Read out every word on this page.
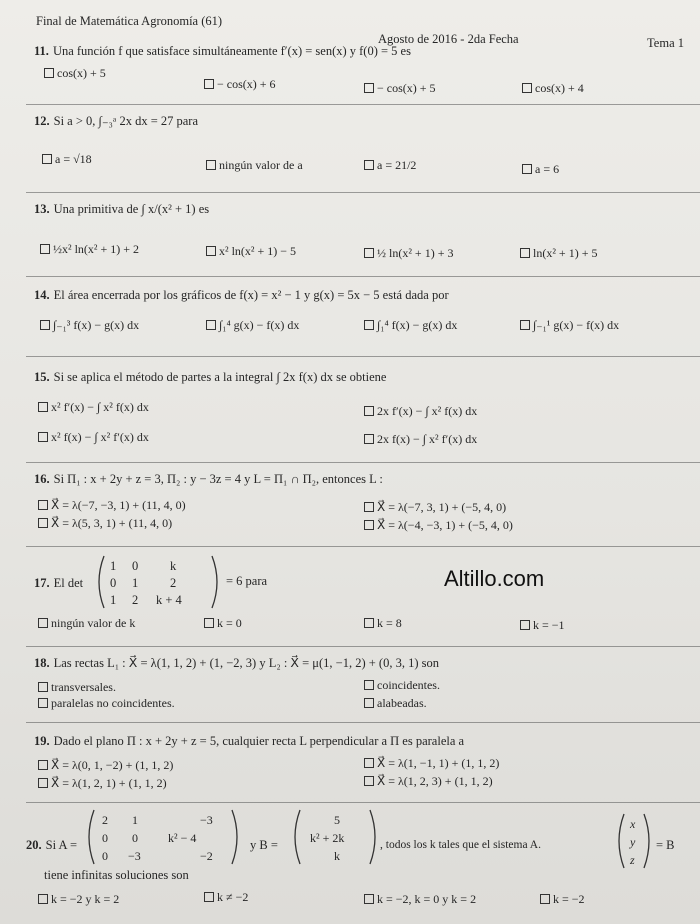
Final de Matemática Agronomía (61)
Agosto de 2016 - 2da Fecha	Tema 1
11. Una función f que satisface simultáneamente f′(x) = sen(x) y f(0) = 5 es
cos(x) + 5
− cos(x) + 6	− cos(x) + 5	cos(x) + 4
12. Si a > 0, ∫₋₃ᵃ 2x dx = 27 para
a = √18	ningún valor de a	a = 21/2	a = 6
13. Una primitiva de ∫ x/(x² + 1) es
½x² ln(x² + 1) + 2	x² ln(x² + 1) − 5	½ ln(x² + 1) + 3	ln(x² + 1) + 5
14. El área encerrada por los gráficos de f(x) = x² − 1 y g(x) = 5x − 5 está dada por
∫₋₁³ f(x) − g(x) dx	∫₁⁴ g(x) − f(x) dx	∫₁⁴ f(x) − g(x) dx	∫₋₁¹ g(x) − f(x) dx
15. Si se aplica el método de partes a la integral ∫ 2x f(x) dx se obtiene
x² f′(x) − ∫ x² f(x) dx	2x f′(x) − ∫ x² f(x) dx
x² f(x) − ∫ x² f′(x) dx	2x f(x) − ∫ x² f′(x) dx
16. Si Π₁ : x + 2y + z = 3, Π₂ : y − 3z = 4 y L = Π₁ ∩ Π₂, entonces L :
X⃗ = λ(−7, −3, 1) + (11, 4, 0)	X⃗ = λ(−7, 3, 1) + (−5, 4, 0)
X⃗ = λ(5, 3, 1) + (11, 4, 0)	X⃗ = λ(−4, −3, 1) + (−5, 4, 0)
17. El det
1 0	k
0 1	2
1 2 k + 4
= 6 para
ningún valor de k	k = 0	k = 8	k = −1
Altillo.com
18. Las rectas L₁ : X⃗ = λ(1, 1, 2) + (1, −2, 3) y L₂ : X⃗ = μ(1, −1, 2) + (0, 3, 1) son
transversales.	coincidentes.
paralelas no coincidentes.	alabeadas.
19. Dado el plano Π : x + 2y + z = 5, cualquier recta L perpendicular a Π es paralela a
X⃗ = λ(0, 1, −2) + (1, 1, 2)	X⃗ = λ(1, −1, 1) + (1, 1, 2)
X⃗ = λ(1, 2, 1) + (1, 1, 2)	X⃗ = λ(1, 2, 3) + (1, 1, 2)
20. Si A =
2 1	−3
0 0	k² − 4
0 −3	−2
y B =
5
k² + 2k
k
, todos los k tales que el sistema A.
x
y
z
= B
tiene infinitas soluciones son
k = −2 y k = 2	k ≠ −2	k = −2, k = 0 y k = 2	k = −2
